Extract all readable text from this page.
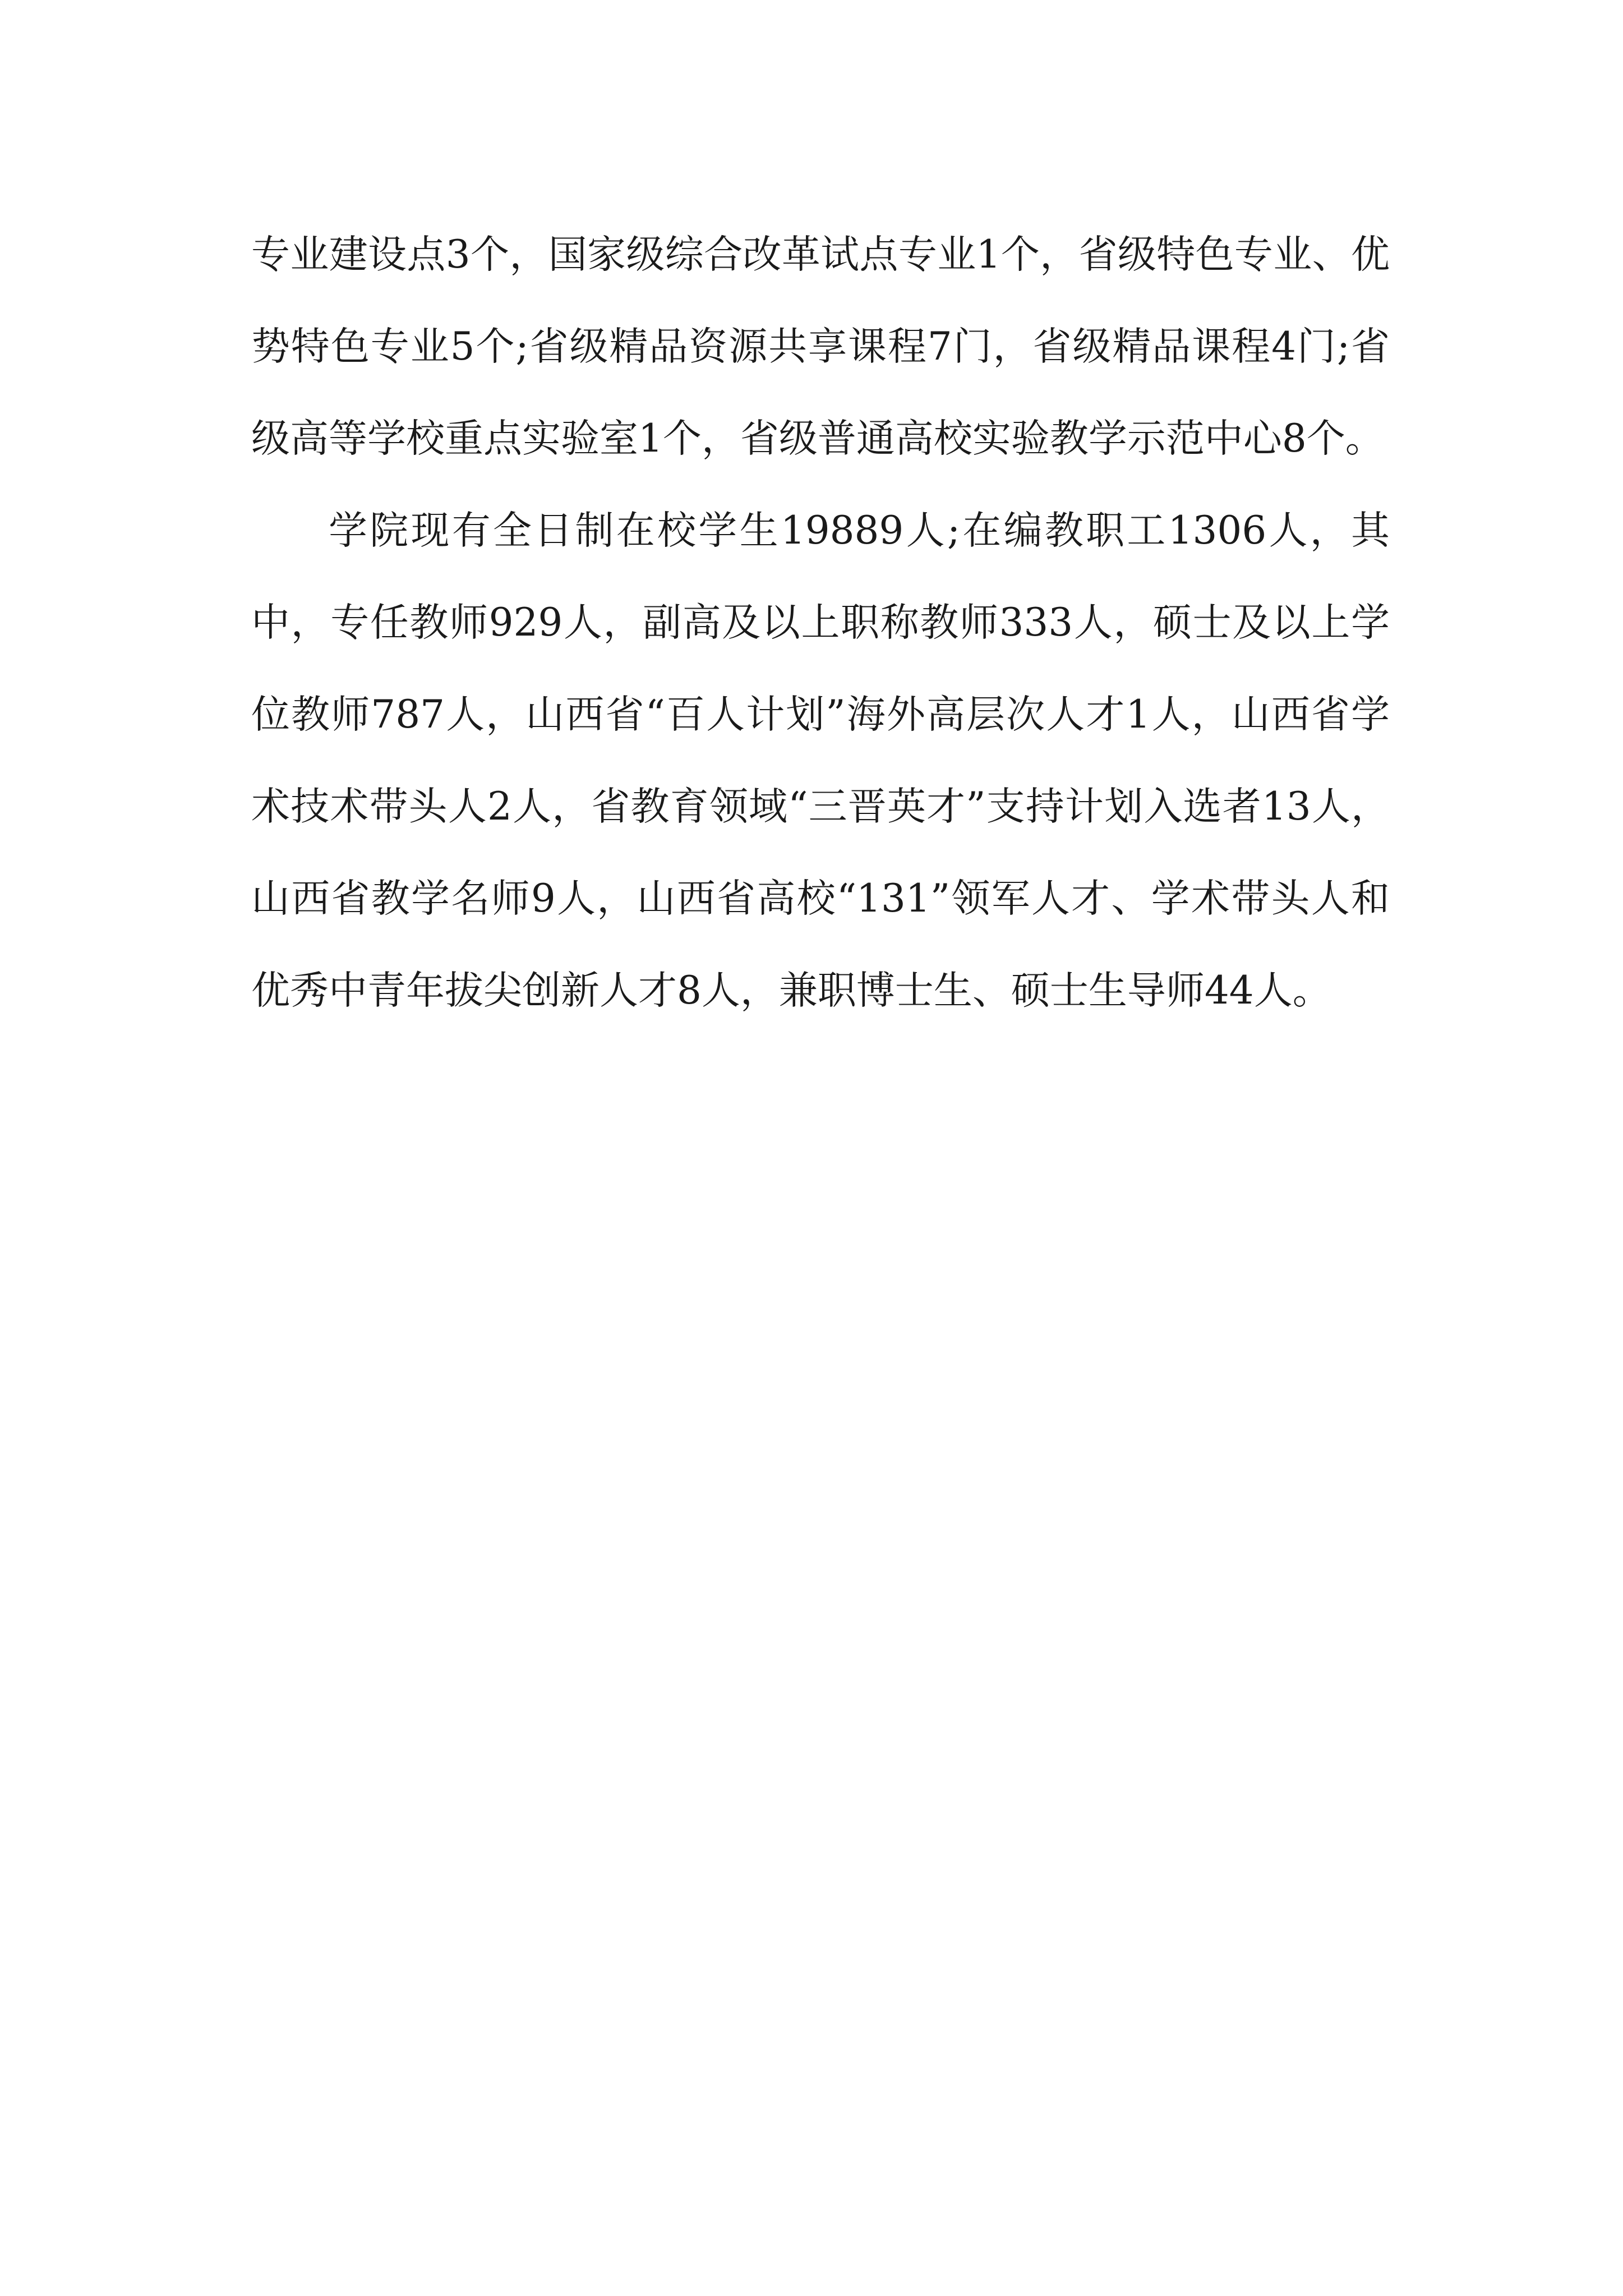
专业建设点3个，国家级综合改革试点专业1个，省级特色专业、优势特色专业5个;省级精品资源共享课程7门，省级精品课程4门;省级高等学校重点实验室1个，省级普通高校实验教学示范中心8个。

学院现有全日制在校学生19889人;在编教职工1306人，其中，专任教师929人，副高及以上职称教师333人，硕士及以上学位教师787人，山西省“百人计划”海外高层次人才1人，山西省学术技术带头人2人，省教育领域“三晋英才”支持计划入选者13人，山西省教学名师9人，山西省高校“131”领军人才、学术带头人和优秀中青年拔尖创新人才8人，兼职博士生、硕士生导师44人。
